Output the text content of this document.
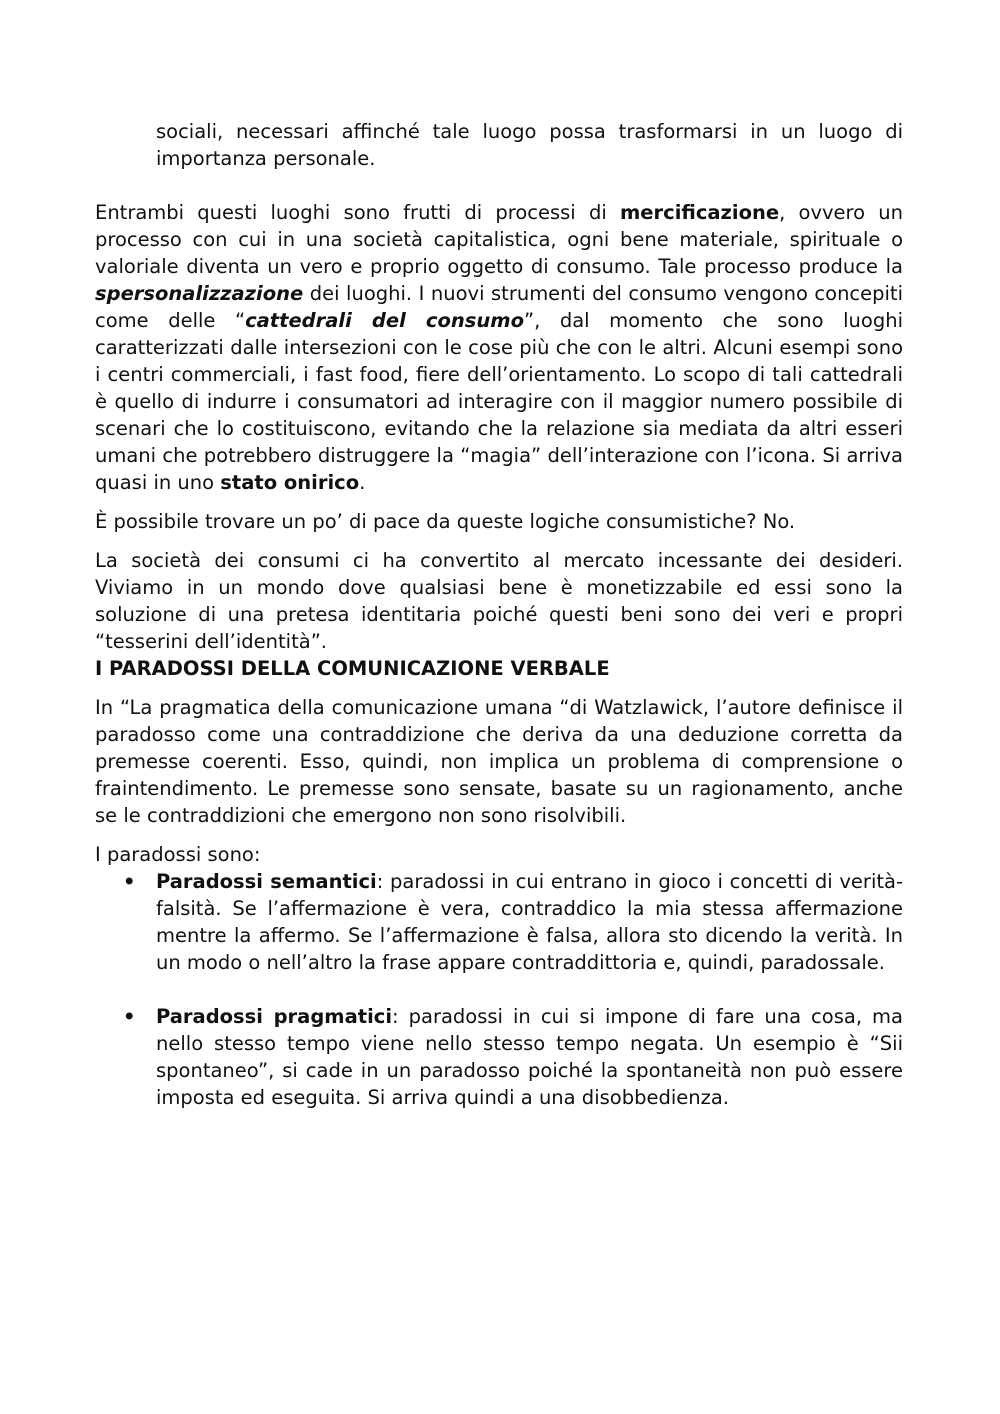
sociali, necessari affinché tale luogo possa trasformarsi in un luogo di importanza personale.

Entrambi questi luoghi sono frutti di processi di mercificazione, ovvero un processo con cui in una società capitalistica, ogni bene materiale, spirituale o valoriale diventa un vero e proprio oggetto di consumo. Tale processo produce la spersonalizzazione dei luoghi. I nuovi strumenti del consumo vengono concepiti come delle “cattedrali del consumo”, dal momento che sono luoghi caratterizzati dalle intersezioni con le cose più che con le altri. Alcuni esempi sono i centri commerciali, i fast food, fiere dell’orientamento. Lo scopo di tali cattedrali è quello di indurre i consumatori ad interagire con il maggior numero possibile di scenari che lo costituiscono, evitando che la relazione sia mediata da altri esseri umani che potrebbero distruggere la “magia” dell’interazione con l’icona. Si arriva quasi in uno stato onirico.

È possibile trovare un po’ di pace da queste logiche consumistiche? No.

La società dei consumi ci ha convertito al mercato incessante dei desideri. Viviamo in un mondo dove qualsiasi bene è monetizzabile ed essi sono la soluzione di una pretesa identitaria poiché questi beni sono dei veri e propri “tesserini dell’identità”.

I PARADOSSI DELLA COMUNICAZIONE VERBALE

In “La pragmatica della comunicazione umana “di Watzlawick, l’autore definisce il paradosso come una contraddizione che deriva da una deduzione corretta da premesse coerenti. Esso, quindi, non implica un problema di comprensione o fraintendimento. Le premesse sono sensate, basate su un ragionamento, anche se le contraddizioni che emergono non sono risolvibili.

I paradossi sono:

• Paradossi semantici: paradossi in cui entrano in gioco i concetti di verità-falsità. Se l’affermazione è vera, contraddico la mia stessa affermazione mentre la affermo. Se l’affermazione è falsa, allora sto dicendo la verità. In un modo o nell’altro la frase appare contraddittoria e, quindi, paradossale.

• Paradossi pragmatici: paradossi in cui si impone di fare una cosa, ma nello stesso tempo viene nello stesso tempo negata. Un esempio è “Sii spontaneo”, si cade in un paradosso poiché la spontaneità non può essere imposta ed eseguita. Si arriva quindi a una disobbedienza.
